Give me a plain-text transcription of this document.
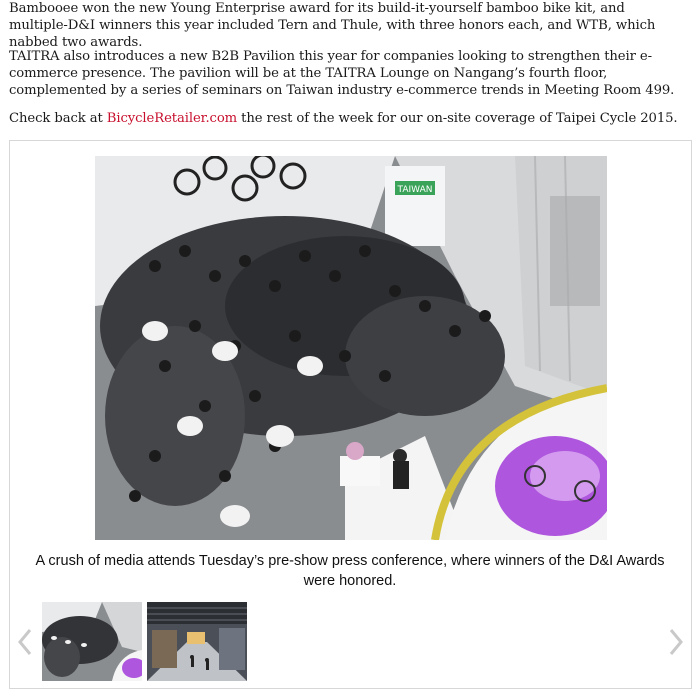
Bambooee won the new Young Enterprise award for its build-it-yourself bamboo bike kit, and multiple-D&I winners this year included Tern and Thule, with three honors each, and WTB, which nabbed two awards.

TAITRA also introduces a new B2B Pavilion this year for companies looking to strengthen their e-commerce presence. The pavilion will be at the TAITRA Lounge on Nangang’s fourth floor, complemented by a series of seminars on Taiwan industry e-commerce trends in Meeting Room 499.

Check back at BicycleRetailer.com the rest of the week for our on-site coverage of Taipei Cycle 2015.

TAIWAN
A crush of media attends Tuesday’s pre-show press conference, where winners of the D&I Awards were honored.
